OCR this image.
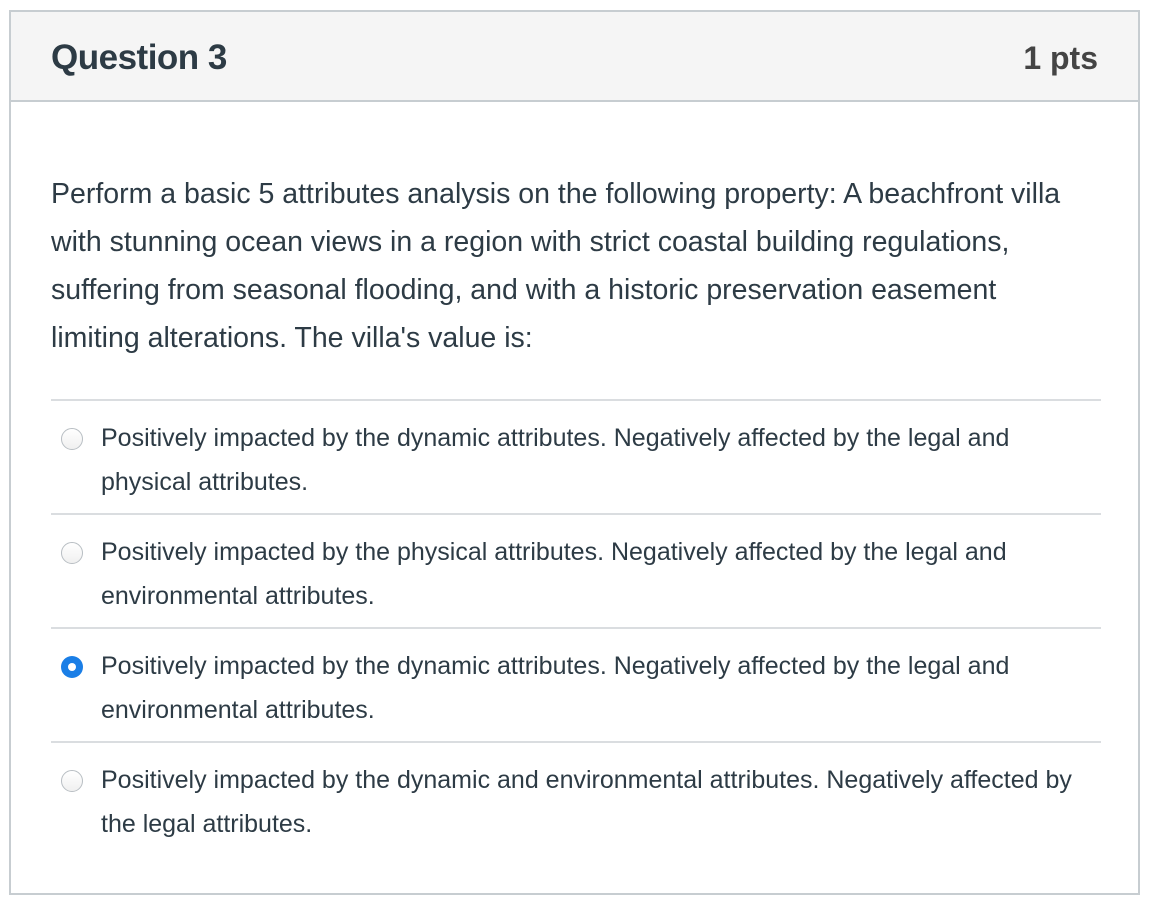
Question 3	1 pts
Perform a basic 5 attributes analysis on the following property: A beachfront villa with stunning ocean views in a region with strict coastal building regulations, suffering from seasonal flooding, and with a historic preservation easement limiting alterations. The villa's value is:
Positively impacted by the dynamic attributes. Negatively affected by the legal and physical attributes.
Positively impacted by the physical attributes. Negatively affected by the legal and environmental attributes.
Positively impacted by the dynamic attributes. Negatively affected by the legal and environmental attributes.
Positively impacted by the dynamic and environmental attributes. Negatively affected by the legal attributes.
